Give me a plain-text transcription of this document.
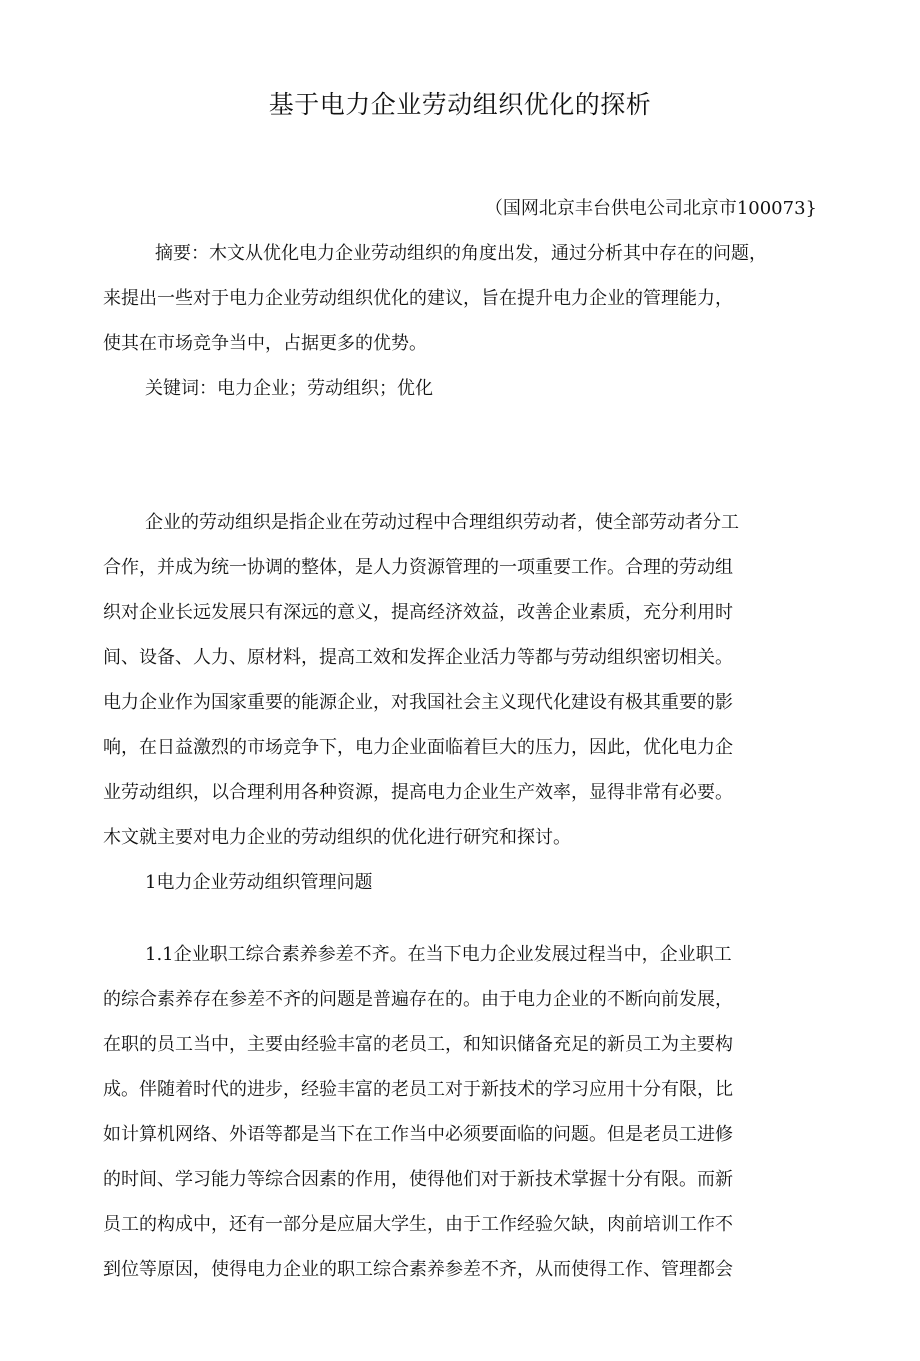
基于电力企业劳动组织优化的探析
（国网北京丰台供电公司北京市100073}
摘要：木文从优化电力企业劳动组织的角度出发，通过分析其中存在的问题，
来提出一些对于电力企业劳动组织优化的建议，旨在提升电力企业的管理能力，
使其在市场竞争当中，占据更多的优势。
关键词：电力企业；劳动组织；优化
企业的劳动组织是指企业在劳动过程中合理组织劳动者，使全部劳动者分工
合作，并成为统一协调的整体，是人力资源管理的一项重要工作。合理的劳动组
织对企业长远发展只有深远的意义，提高经济效益，改善企业素质，充分利用时
间、设备、人力、原材料，提高工效和发挥企业活力等都与劳动组织密切相关。
电力企业作为国家重要的能源企业，对我国社会主义现代化建设有极其重要的影
响，在日益激烈的市场竞争下，电力企业面临着巨大的压力，因此，优化电力企
业劳动组织，以合理利用各种资源，提高电力企业生产效率，显得非常有必要。
木文就主要对电力企业的劳动组织的优化进行研究和探讨。
1电力企业劳动组织管理问题
1.1企业职工综合素养参差不齐。在当下电力企业发展过程当中，企业职工
的综合素养存在参差不齐的问题是普遍存在的。由于电力企业的不断向前发展，
在职的员工当中，主要由经验丰富的老员工，和知识储备充足的新员工为主要构
成。伴随着时代的进步，经验丰富的老员工对于新技术的学习应用十分有限，比
如计算机网络、外语等都是当下在工作当中必须要面临的问题。但是老员工进修
的时间、学习能力等综合因素的作用，使得他们对于新技术掌握十分有限。而新
员工的构成中，还有一部分是应届大学生，由于工作经验欠缺，肉前培训工作不
到位等原因，使得电力企业的职工综合素养参差不齐，从而使得工作、管理都会
